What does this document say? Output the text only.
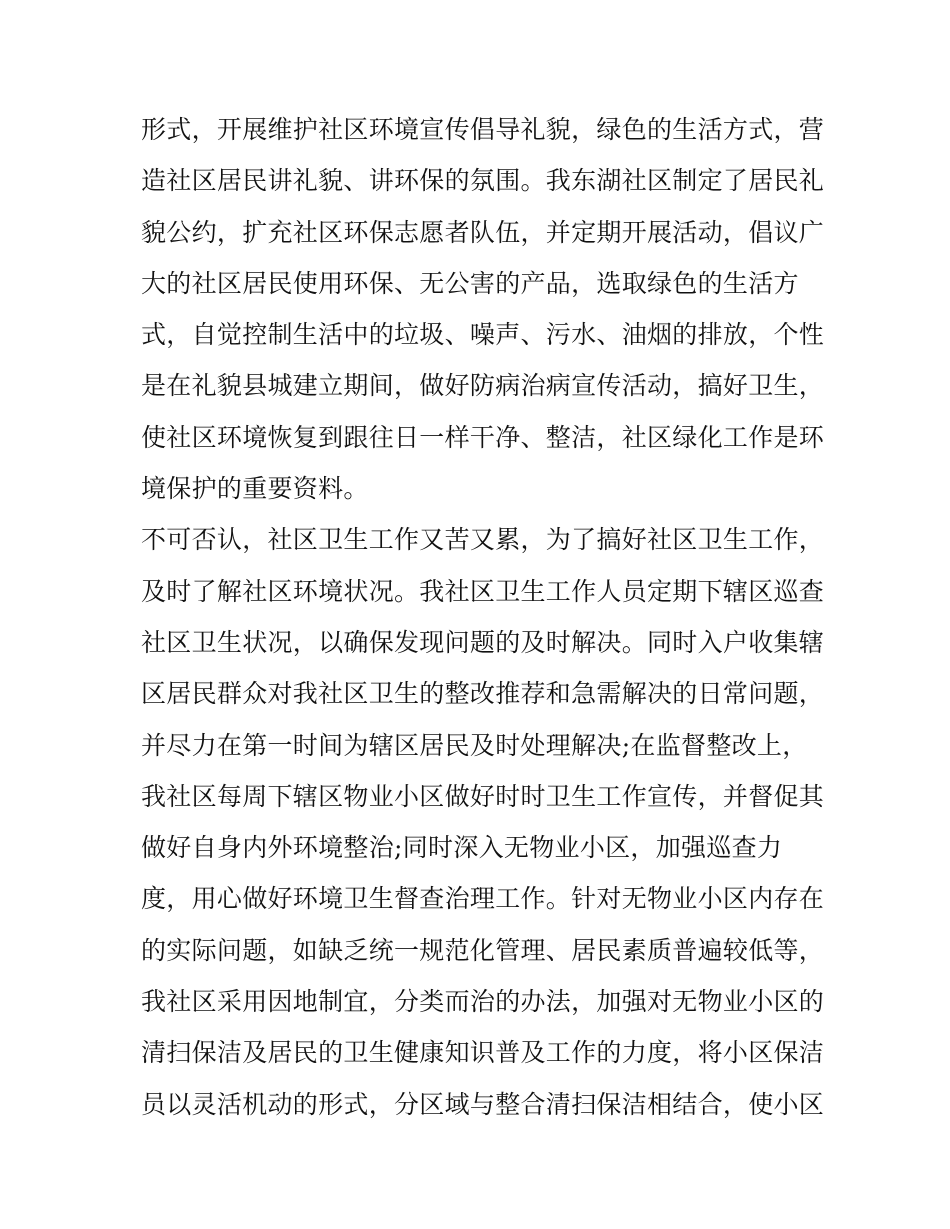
形式，开展维护社区环境宣传倡导礼貌，绿色的生活方式，营
造社区居民讲礼貌、讲环保的氛围。我东湖社区制定了居民礼
貌公约，扩充社区环保志愿者队伍，并定期开展活动，倡议广
大的社区居民使用环保、无公害的产品，选取绿色的生活方
式，自觉控制生活中的垃圾、噪声、污水、油烟的排放，个性
是在礼貌县城建立期间，做好防病治病宣传活动，搞好卫生，
使社区环境恢复到跟往日一样干净、整洁，社区绿化工作是环
境保护的重要资料。
不可否认，社区卫生工作又苦又累，为了搞好社区卫生工作，
及时了解社区环境状况。我社区卫生工作人员定期下辖区巡查
社区卫生状况，以确保发现问题的及时解决。同时入户收集辖
区居民群众对我社区卫生的整改推荐和急需解决的日常问题，
并尽力在第一时间为辖区居民及时处理解决;在监督整改上，
我社区每周下辖区物业小区做好时时卫生工作宣传，并督促其
做好自身内外环境整治;同时深入无物业小区，加强巡查力
度，用心做好环境卫生督查治理工作。针对无物业小区内存在
的实际问题，如缺乏统一规范化管理、居民素质普遍较低等，
我社区采用因地制宜，分类而治的办法，加强对无物业小区的
清扫保洁及居民的卫生健康知识普及工作的力度，将小区保洁
员以灵活机动的形式，分区域与整合清扫保洁相结合，使小区
